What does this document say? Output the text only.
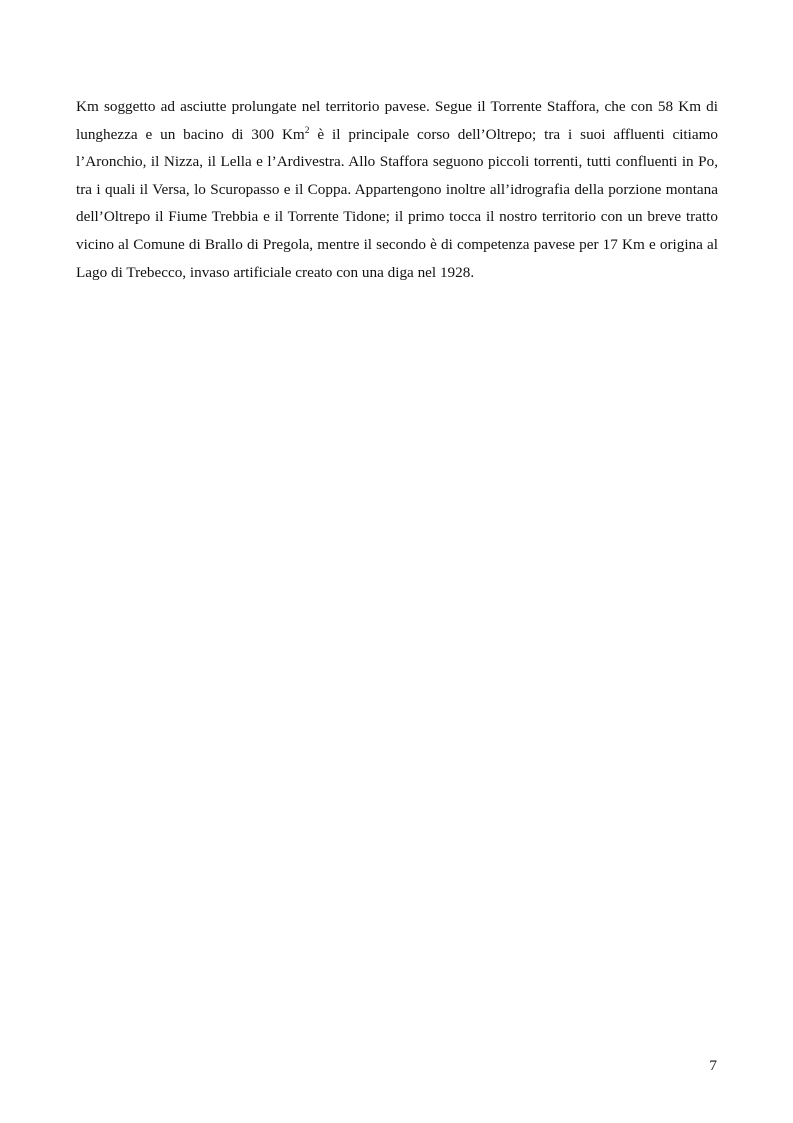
Km soggetto ad asciutte prolungate nel territorio pavese. Segue il Torrente Staffora, che con 58 Km di lunghezza e un bacino di 300 Km$^2$ è il principale corso dell’Oltrepo; tra i suoi affluenti citiamo l’Aronchio, il Nizza, il Lella e l’Ardivestra. Allo Staffora seguono piccoli torrenti, tutti confluenti in Po, tra i quali il Versa, lo Scuropasso e il Coppa. Appartengono inoltre all’idrografia della porzione montana dell’Oltrepo il Fiume Trebbia e il Torrente Tidone; il primo tocca il nostro territorio con un breve tratto vicino al Comune di Brallo di Pregola, mentre il secondo è di competenza pavese per 17 Km e origina al Lago di Trebecco, invaso artificiale creato con una diga nel 1928.

7
